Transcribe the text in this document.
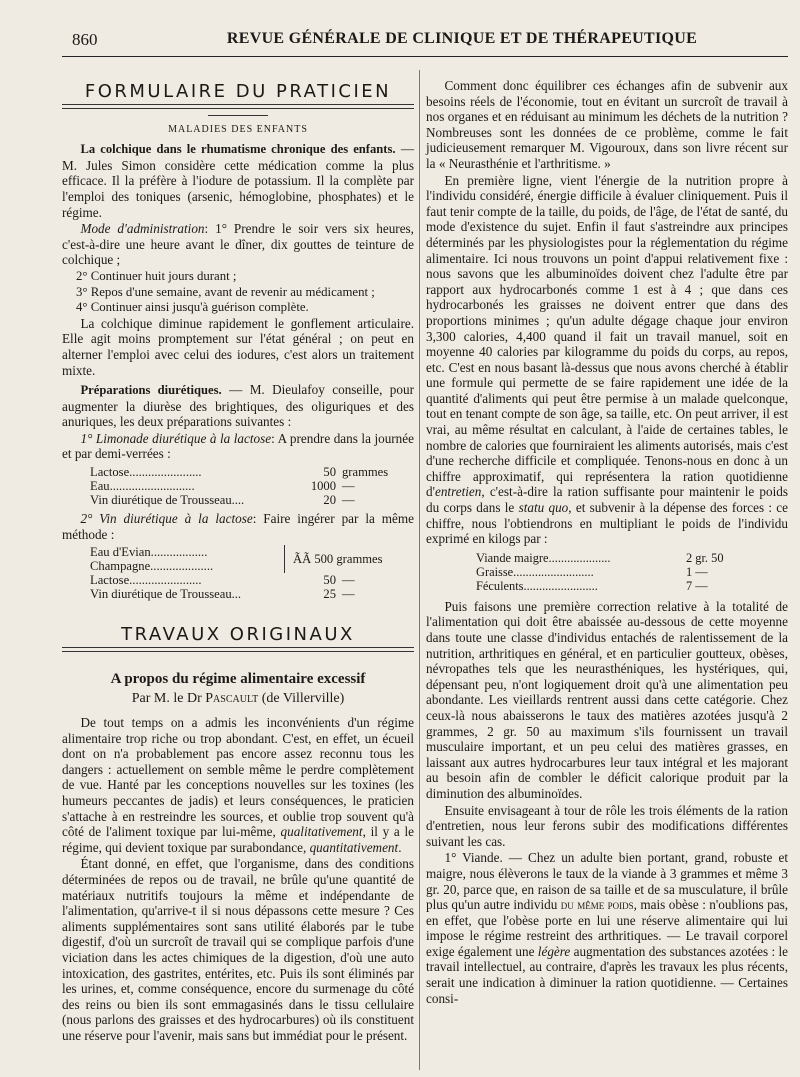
860	REVUE GÉNÉRALE DE CLINIQUE ET DE THÉRAPEUTIQUE
FORMULAIRE DU PRATICIEN
MALADIES DES ENFANTS

La colchique dans le rhumatisme chronique des enfants. — M. Jules Simon considère cette médication comme la plus efficace. Il la préfère à l'iodure de potassium. Il la complète par l'emploi des toniques (arsenic, hémoglobine, phosphates) et le régime.

Mode d'administration: 1° Prendre le soir vers six heures, c'est-à-dire une heure avant le dîner, dix gouttes de teinture de colchique ;

2° Continuer huit jours durant ;

3° Repos d'une semaine, avant de revenir au médicament ;

4° Continuer ainsi jusqu'à guérison complète.

La colchique diminue rapidement le gonflement articulaire. Elle agit moins promptement sur l'état général ; on peut en alterner l'emploi avec celui des iodures, c'est alors un traitement mixte.

Préparations diurétiques. — M. Dieulafoy conseille, pour augmenter la diurèse des brightiques, des oliguriques et des anuriques, les deux préparations suivantes :

1° Limonade diurétique à la lactose: A prendre dans la journée et par demi-verrées :

Lactose.......................	50 grammes
Eau...........................	1000 —
Vin diurétique de Trousseau....	20 —

2° Vin diurétique à la lactose: Faire ingérer par la même méthode :

Eau d'Evian..................
Champagne....................	ÃÃ 500 grammes
Lactose.......................	50 —
Vin diurétique de Trousseau...	25 —
TRAVAUX ORIGINAUX
A propos du régime alimentaire excessif
Par M. le Dr Pascault (de Villerville)

De tout temps on a admis les inconvénients d'un régime alimentaire trop riche ou trop abondant. C'est, en effet, un écueil dont on n'a probablement pas encore assez reconnu tous les dangers : actuellement on semble même le perdre complètement de vue. Hanté par les conceptions nouvelles sur les toxines (les humeurs peccantes de jadis) et leurs conséquences, le praticien s'attache à en restreindre les sources, et oublie trop souvent qu'à côté de l'aliment toxique par lui-même, qualitativement, il y a le régime, qui devient toxique par surabondance, quantitativement.

Étant donné, en effet, que l'organisme, dans des conditions déterminées de repos ou de travail, ne brûle qu'une quantité de matériaux nutritifs toujours la même et indépendante de l'alimentation, qu'arrive-t il si nous dépassons cette mesure ? Ces aliments supplémentaires sont sans utilité élaborés par le tube digestif, d'où un surcroît de travail qui se complique parfois d'une viciation dans les actes chimiques de la digestion, d'où une auto intoxication, des gastrites, entérites, etc. Puis ils sont éliminés par les urines, et, comme conséquence, encore du surmenage du côté des reins ou bien ils sont emmagasinés dans le tissu cellulaire (nous parlons des graisses et des hydrocarbures) où ils constituent une réserve pour l'avenir, mais sans but immédiat pour le présent.

Comment donc équilibrer ces échanges afin de subvenir aux besoins réels de l'économie, tout en évitant un surcroît de travail à nos organes et en réduisant au minimum les déchets de la nutrition ? Nombreuses sont les données de ce problème, comme le fait judicieusement remarquer M. Vigouroux, dans son livre récent sur la « Neurasthénie et l'arthritisme. »

En première ligne, vient l'énergie de la nutrition propre à l'individu considéré, énergie difficile à évaluer cliniquement. Puis il faut tenir compte de la taille, du poids, de l'âge, de l'état de santé, du mode d'existence du sujet. Enfin il faut s'astreindre aux principes déterminés par les physiologistes pour la réglementation du régime alimentaire. Ici nous trouvons un point d'appui relativement fixe : nous savons que les albuminoïdes doivent chez l'adulte être par rapport aux hydrocarbonés comme 1 est à 4 ; que dans ces hydrocarbonés les graisses ne doivent entrer que dans des proportions minimes ; qu'un adulte dégage chaque jour environ 3,300 calories, 4,400 quand il fait un travail manuel, soit en moyenne 40 calories par kilogramme du poids du corps, au repos, etc. C'est en nous basant là-dessus que nous avons cherché à établir une formule qui permette de se faire rapidement une idée de la quantité d'aliments qui peut être permise à un malade quelconque, tout en tenant compte de son âge, sa taille, etc. On peut arriver, il est vrai, au même résultat en calculant, à l'aide de certaines tables, le nombre de calories que fourniraient les aliments autorisés, mais c'est d'une recherche difficile et compliquée. Tenons-nous en donc à un chiffre approximatif, qui représentera la ration quotidienne d'entretien, c'est-à-dire la ration suffisante pour maintenir le poids du corps dans le statu quo, et subvenir à la dépense des forces : ce chiffre, nous l'obtiendrons en multipliant le poids de l'individu exprimé en kilogs par :

Viande maigre....................	2 gr. 50
Graisse..........................	1 —
Féculents........................	7 —

Puis faisons une première correction relative à la totalité de l'alimentation qui doit être abaissée au-dessous de cette moyenne dans toute une classe d'individus entachés de ralentissement de la nutrition, arthritiques en général, et en particulier goutteux, obèses, névropathes tels que les neurasthéniques, les hystériques, qui, dépensant peu, n'ont logiquement droit qu'à une alimentation peu abondante. Les vieillards rentrent aussi dans cette catégorie. Chez ceux-là nous abaisserons le taux des matières azotées jusqu'à 2 grammes, 2 gr. 50 au maximum s'ils fournissent un travail musculaire important, et un peu celui des matières grasses, en laissant aux autres hydrocarbures leur taux intégral et les majorant au besoin afin de combler le déficit calorique produit par la diminution des albuminoïdes.

Ensuite envisageant à tour de rôle les trois éléments de la ration d'entretien, nous leur ferons subir des modifications différentes suivant les cas.

1° Viande. — Chez un adulte bien portant, grand, robuste et maigre, nous élèverons le taux de la viande à 3 grammes et même 3 gr. 20, parce que, en raison de sa taille et de sa musculature, il brûle plus qu'un autre individu du même poids, mais obèse : n'oublions pas, en effet, que l'obèse porte en lui une réserve alimentaire qui lui impose le régime restreint des arthritiques. — Le travail corporel exige également une légère augmentation des substances azotées : le travail intellectuel, au contraire, d'après les travaux les plus récents, serait une indication à diminuer la ration quotidienne. — Certaines consi-
